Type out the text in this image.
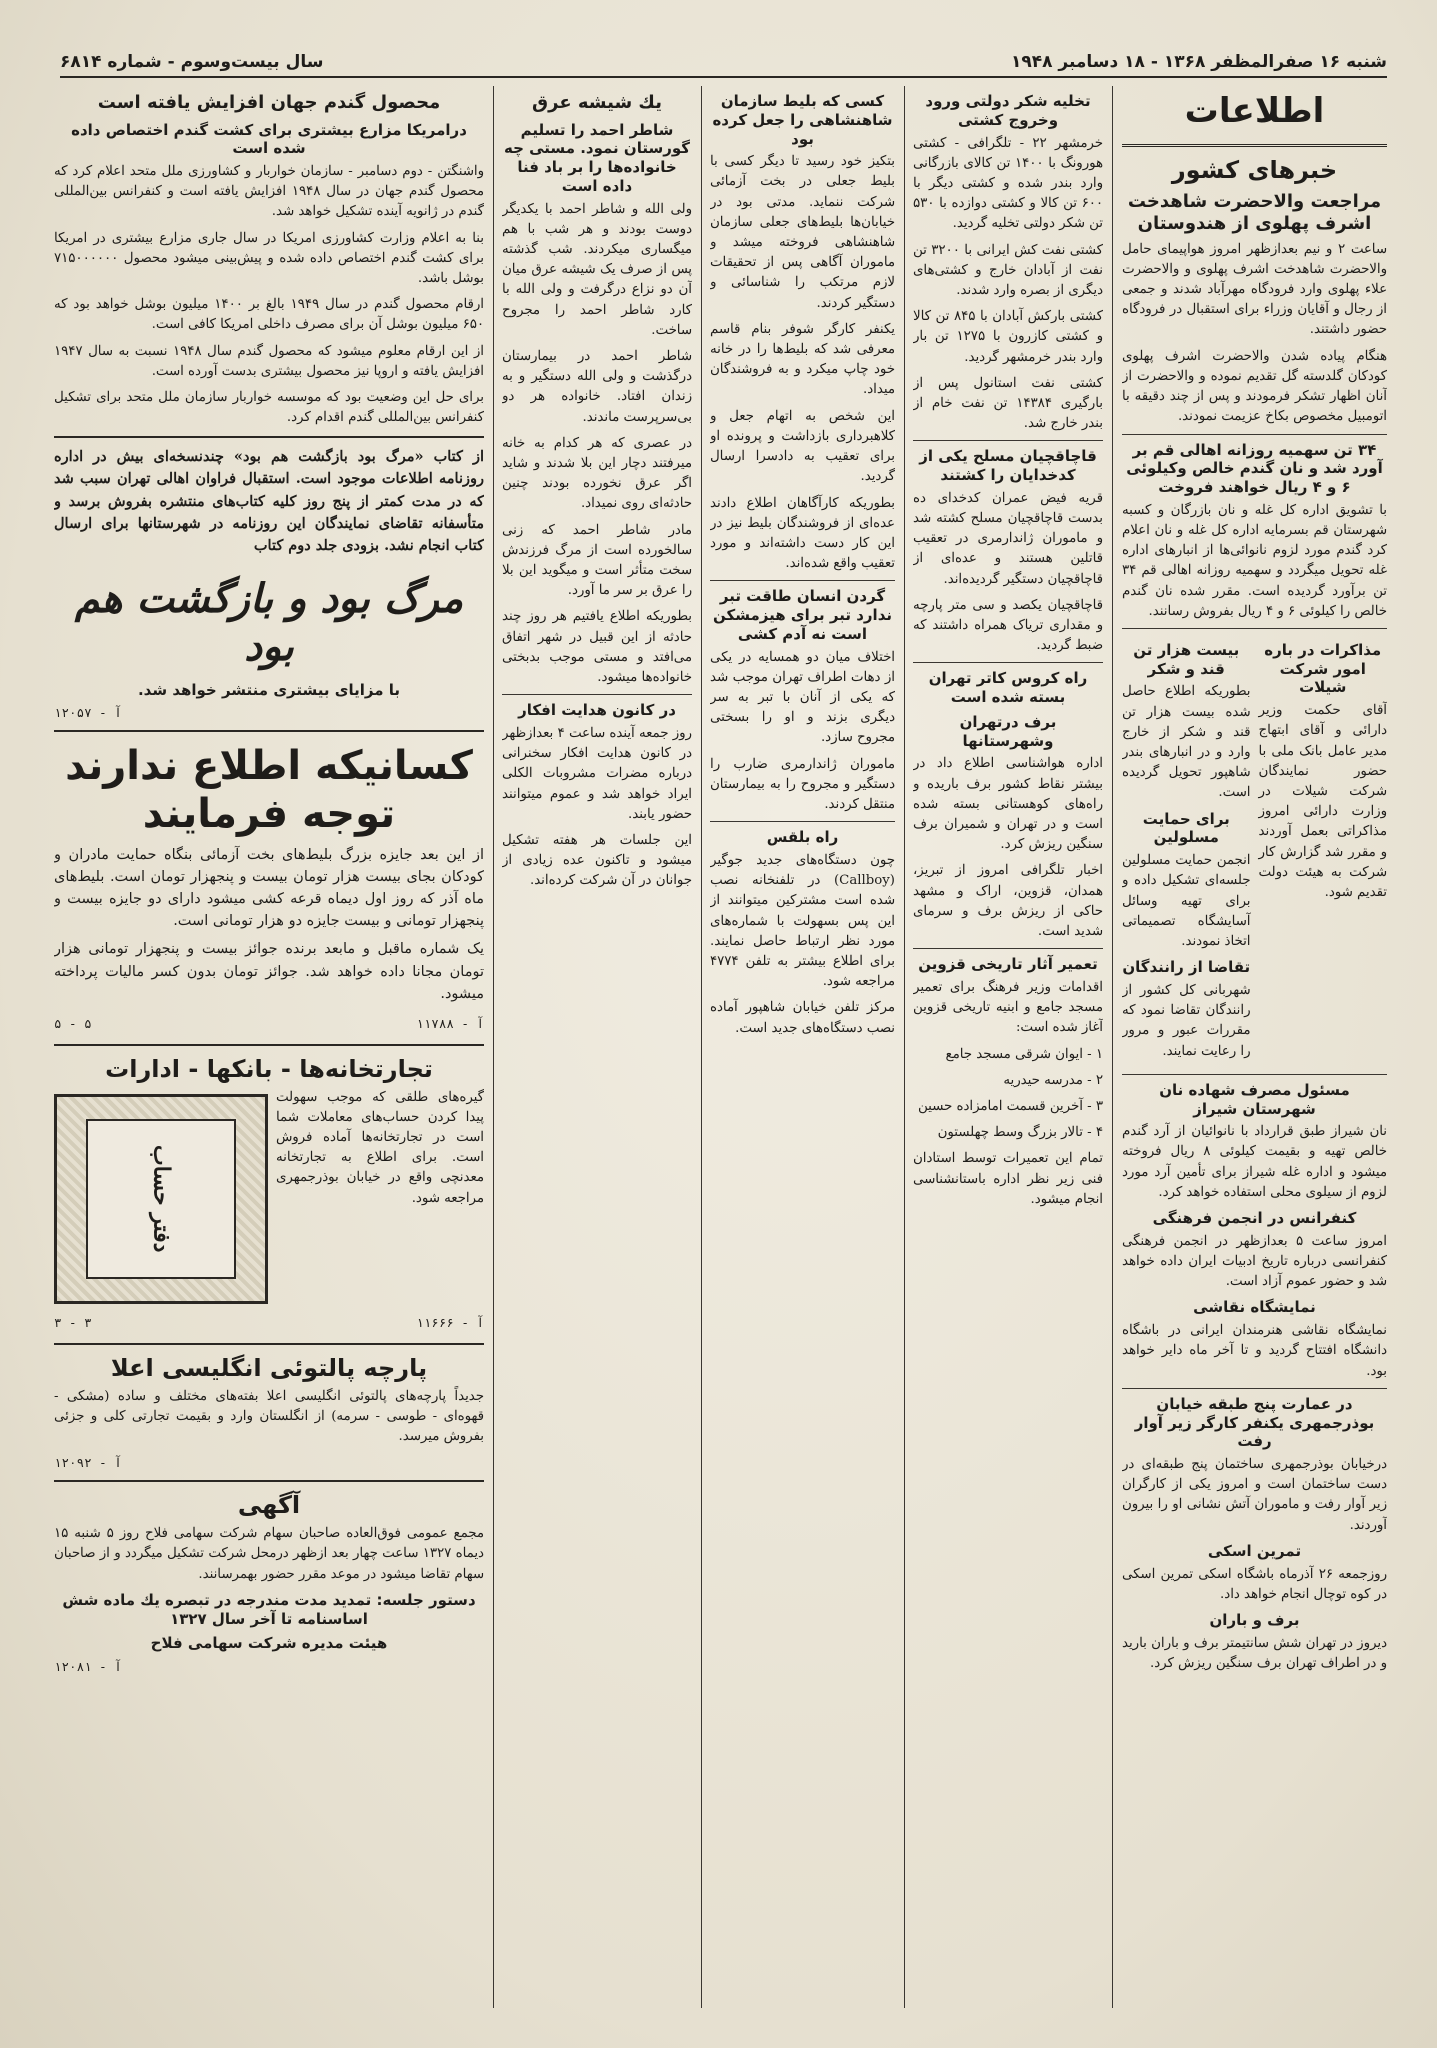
شنبه ۱۶ صفرالمظفر ۱۳۶۸ - ۱۸ دسامبر ۱۹۴۸
سال بیست‌وسوم - شماره ۶۸۱۴
اطلاعات
خبرهای کشور
مراجعت والاحضرت شاهدخت اشرف پهلوی از هندوستان
ساعت ۲ و نیم بعدازظهر امروز هواپیمای حامل والاحضرت شاهدخت اشرف پهلوی و والاحضرت علاء پهلوی وارد فرودگاه مهرآباد شدند و جمعی از رجال و آقایان وزراء برای استقبال در فرودگاه حضور داشتند.
هنگام پیاده شدن والاحضرت اشرف پهلوی کودکان گلدسته گل تقدیم نموده و والاحضرت از آنان اظهار تشکر فرمودند و پس از چند دقیقه با اتومبیل مخصوص بکاخ عزیمت نمودند.
۳۴ تن سهمیه روزانه اهالی قم بر آورد شد و نان گندم خالص وکیلوئی ۶ و ۴ ریال خواهند فروخت
با تشویق اداره کل غله و نان بازرگان و کسبه شهرستان قم بسرمایه اداره کل غله و نان اعلام کرد گندم مورد لزوم نانوائی‌ها از انبارهای اداره غله تحویل میگردد و سهمیه روزانه اهالی قم ۳۴ تن برآورد گردیده است. مقرر شده نان گندم خالص را کیلوئی ۶ و ۴ ریال بفروش رسانند.
مذاکرات در باره امور شرکت شیلات
آقای حکمت وزیر دارائی و آقای ابتهاج مدیر عامل بانک ملی با حضور نمایندگان شرکت شیلات در وزارت دارائی امروز مذاکراتی بعمل آوردند و مقرر شد گزارش کار شرکت به هیئت دولت تقدیم شود.
بیست هزار تن قند و شکر
بطوریکه اطلاع حاصل شده بیست هزار تن قند و شکر از خارج وارد و در انبارهای بندر شاهپور تحویل گردیده است.
برای حمایت مسلولین
انجمن حمایت مسلولین جلسه‌ای تشکیل داده و برای تهیه وسائل آسایشگاه تصمیماتی اتخاذ نمودند.
تقاضا از رانندگان
شهربانی کل کشور از رانندگان تقاضا نمود که مقررات عبور و مرور را رعایت نمایند.
مسئول مصرف شهاده نان شهرستان شیراز
نان شیراز طبق قرارداد با نانوائیان از آرد گندم خالص تهیه و بقیمت کیلوئی ۸ ریال فروخته میشود و اداره غله شیراز برای تأمین آرد مورد لزوم از سیلوی محلی استفاده خواهد کرد.
کنفرانس در انجمن فرهنگی
امروز ساعت ۵ بعدازظهر در انجمن فرهنگی کنفرانسی درباره تاریخ ادبیات ایران داده خواهد شد و حضور عموم آزاد است.
نمایشگاه نقاشی
نمایشگاه نقاشی هنرمندان ایرانی در باشگاه دانشگاه افتتاح گردید و تا آخر ماه دایر خواهد بود.
در عمارت پنج طبقه خیابان بوذرجمهری یکنفر کارگر زیر آوار رفت
درخیابان بوذرجمهری ساختمان پنج طبقه‌ای در دست ساختمان است و امروز یکی از کارگران زیر آوار رفت و ماموران آتش نشانی او را بیرون آوردند.
تمرین اسکی
روزجمعه ۲۶ آذرماه باشگاه اسکی تمرین اسکی در کوه توچال انجام خواهد داد.
برف و باران
دیروز در تهران شش سانتیمتر برف و باران بارید و در اطراف تهران برف سنگین ریزش کرد.
تخلیه شکر دولتی ورود وخروج کشتی
خرمشهر ۲۲ - تلگرافی - کشتی هورونگ با ۱۴۰۰ تن کالای بازرگانی وارد بندر شده و کشتی دیگر با ۶۰۰ تن کالا و کشتی دوازده با ۵۳۰ تن شکر دولتی تخلیه گردید.
کشتی نفت کش ایرانی با ۳۲۰۰ تن نفت از آبادان خارج و کشتی‌های دیگری از بصره وارد شدند.
کشتی بارکش آبادان با ۸۴۵ تن کالا و کشتی کازرون با ۱۲۷۵ تن بار وارد بندر خرمشهر گردید.
کشتی نفت استانول پس از بارگیری ۱۴۳۸۴ تن نفت خام از بندر خارج شد.
قاچاقچیان مسلح یکی از کدخدایان را کشتند
قریه فیض عمران کدخدای ده بدست قاچاقچیان مسلح کشته شد و ماموران ژاندارمری در تعقیب قاتلین هستند و عده‌ای از قاچاقچیان دستگیر گردیده‌اند.
قاچاقچیان یکصد و سی متر پارچه و مقداری تریاک همراه داشتند که ضبط گردید.
راه کروس کاتر تهران بسته شده است
برف درتهران وشهرستانها
اداره هواشناسی اطلاع داد در بیشتر نقاط کشور برف باریده و راه‌های کوهستانی بسته شده است و در تهران و شمیران برف سنگین ریزش کرد.
اخبار تلگرافی امروز از تبریز، همدان، قزوین، اراک و مشهد حاکی از ریزش برف و سرمای شدید است.
تعمیر آثار تاریخی قزوین
اقدامات وزیر فرهنگ برای تعمیر مسجد جامع و ابنیه تاریخی قزوین آغاز شده است:
۱ - ایوان شرقی مسجد جامع
۲ - مدرسه حیدریه
۳ - آخرین قسمت امامزاده حسین
۴ - تالار بزرگ وسط چهلستون
تمام این تعمیرات توسط استادان فنی زیر نظر اداره باستانشناسی انجام میشود.
کسی که بلیط سازمان شاهنشاهی را جعل کرده بود
بتکیز خود رسید تا دیگر کسی با بلیط جعلی در بخت آزمائی شرکت ننماید. مدتی بود در خیابان‌ها بلیط‌های جعلی سازمان شاهنشاهی فروخته میشد و ماموران آگاهی پس از تحقیقات لازم مرتکب را شناسائی و دستگیر کردند.
یکنفر کارگر شوفر بنام قاسم معرفی شد که بلیط‌ها را در خانه خود چاپ میکرد و به فروشندگان میداد.
این شخص به اتهام جعل و کلاهبرداری بازداشت و پرونده او برای تعقیب به دادسرا ارسال گردید.
بطوریکه کارآگاهان اطلاع دادند عده‌ای از فروشندگان بلیط نیز در این کار دست داشته‌اند و مورد تعقیب واقع شده‌اند.
گردن انسان طاقت تبر ندارد تبر برای هیزمشکن است نه آدم کشی
اختلاف میان دو همسایه در یکی از دهات اطراف تهران موجب شد که یکی از آنان با تبر به سر دیگری بزند و او را بسختی مجروح سازد.
ماموران ژاندارمری ضارب را دستگیر و مجروح را به بیمارستان منتقل کردند.
راه بلقس
چون دستگاه‌های جدید جوگیر (Callboy) در تلفنخانه نصب شده است مشترکین میتوانند از این پس بسهولت با شماره‌های مورد نظر ارتباط حاصل نمایند. برای اطلاع بیشتر به تلفن ۴۷۷۴ مراجعه شود.
مرکز تلفن خیابان شاهپور آماده نصب دستگاه‌های جدید است.
یك شیشه عرق
شاطر احمد را تسلیم گورستان نمود. مستی چه خانواده‌ها را بر باد فنا داده است
ولی الله و شاطر احمد با یکدیگر دوست بودند و هر شب با هم میگساری میکردند. شب گذشته پس از صرف یک شیشه عرق میان آن دو نزاع درگرفت و ولی الله با کارد شاطر احمد را مجروح ساخت.
شاطر احمد در بیمارستان درگذشت و ولی الله دستگیر و به زندان افتاد. خانواده هر دو بی‌سرپرست ماندند.
در عصری که هر کدام به خانه میرفتند دچار این بلا شدند و شاید اگر عرق نخورده بودند چنین حادثه‌ای روی نمیداد.
مادر شاطر احمد که زنی سالخورده است از مرگ فرزندش سخت متأثر است و میگوید این بلا را عرق بر سر ما آورد.
بطوریکه اطلاع یافتیم هر روز چند حادثه از این قبیل در شهر اتفاق می‌افتد و مستی موجب بدبختی خانواده‌ها میشود.
در کانون هدایت افکار
روز جمعه آینده ساعت ۴ بعدازظهر در کانون هدایت افکار سخنرانی درباره مضرات مشروبات الکلی ایراد خواهد شد و عموم میتوانند حضور یابند.
این جلسات هر هفته تشکیل میشود و تاکنون عده زیادی از جوانان در آن شرکت کرده‌اند.
محصول گندم جهان افزایش یافته است
درامریکا مزارع بیشتری برای کشت گندم اختصاص داده شده است
واشنگتن - دوم دسامبر - سازمان خواربار و کشاورزی ملل متحد اعلام کرد که محصول گندم جهان در سال ۱۹۴۸ افزایش یافته است و کنفرانس بین‌المللی گندم در ژانویه آینده تشکیل خواهد شد.
بنا به اعلام وزارت کشاورزی امریکا در سال جاری مزارع بیشتری در امریکا برای کشت گندم اختصاص داده شده و پیش‌بینی میشود محصول ۷۱۵۰۰۰۰۰۰ بوشل باشد.
ارقام محصول گندم در سال ۱۹۴۹ بالغ بر ۱۴۰۰ میلیون بوشل خواهد بود که ۶۵۰ میلیون بوشل آن برای مصرف داخلی امریکا کافی است.
از این ارقام معلوم میشود که محصول گندم سال ۱۹۴۸ نسبت به سال ۱۹۴۷ افزایش یافته و اروپا نیز محصول بیشتری بدست آورده است.
برای حل این وضعیت بود که موسسه خواربار سازمان ملل متحد برای تشکیل کنفرانس بین‌المللی گندم اقدام کرد.
از کتاب «مرگ بود بازگشت هم بود» چندنسخه‌ای بیش در اداره روزنامه اطلاعات موجود است. استقبال فراوان اهالی تهران سبب شد که در مدت کمتر از پنج روز کلیه کتاب‌های منتشره بفروش برسد و متأسفانه تقاضای نمایندگان این روزنامه در شهرستانها برای ارسال کتاب انجام نشد. بزودی جلد دوم کتاب
مرگ بود و بازگشت هم بود
با مزایای بیشتری منتشر خواهد شد.
آ - ۱۲۰۵۷
کسانیکه اطلاع ندارند توجه فرمایند
از این بعد جایزه بزرگ بلیط‌های بخت آزمائی بنگاه حمایت مادران و کودکان بجای بیست هزار تومان بیست و پنجهزار تومان است. بلیط‌های ماه آذر که روز اول دیماه قرعه کشی میشود دارای دو جایزه بیست و پنجهزار تومانی و بیست جایزه دو هزار تومانی است.
یک شماره ماقبل و مابعد برنده جوائز بیست و پنجهزار تومانی هزار تومان مجانا داده خواهد شد. جوائز تومان بدون کسر مالیات پرداخته میشود.
آ - ۱۱۷۸۸
۵ - ۵
تجارتخانه‌ها - بانکها - ادارات
گیره‌های طلقی که موجب سهولت پیدا کردن حساب‌های معاملات شما است در تجارتخانه‌ها آماده فروش است. برای اطلاع به تجارتخانه معدنچی واقع در خیابان بوذرجمهری مراجعه شود.
دفتر حساب
آ - ۱۱۶۶۶
۳ - ۳
پارچه پالتوئی انگلیسی اعلا
جدیداً پارچه‌های پالتوئی انگلیسی اعلا بفته‌های مختلف و ساده (مشکی - قهوه‌ای - طوسی - سرمه) از انگلستان وارد و بقیمت تجارتی کلی و جزئی بفروش میرسد.
آ - ۱۲۰۹۲
آگهی
مجمع عمومی فوق‌العاده صاحبان سهام شرکت سهامی فلاح روز ۵ شنبه ۱۵ دیماه ۱۳۲۷ ساعت چهار بعد ازظهر درمحل شرکت تشکیل میگردد و از صاحبان سهام تقاضا میشود در موعد مقرر حضور بهمرسانند.
دستور جلسه: تمدید مدت مندرجه در تبصره یك ماده شش اساسنامه تا آخر سال ۱۳۲۷
هیئت مدیره شرکت سهامی فلاح
آ - ۱۲۰۸۱
